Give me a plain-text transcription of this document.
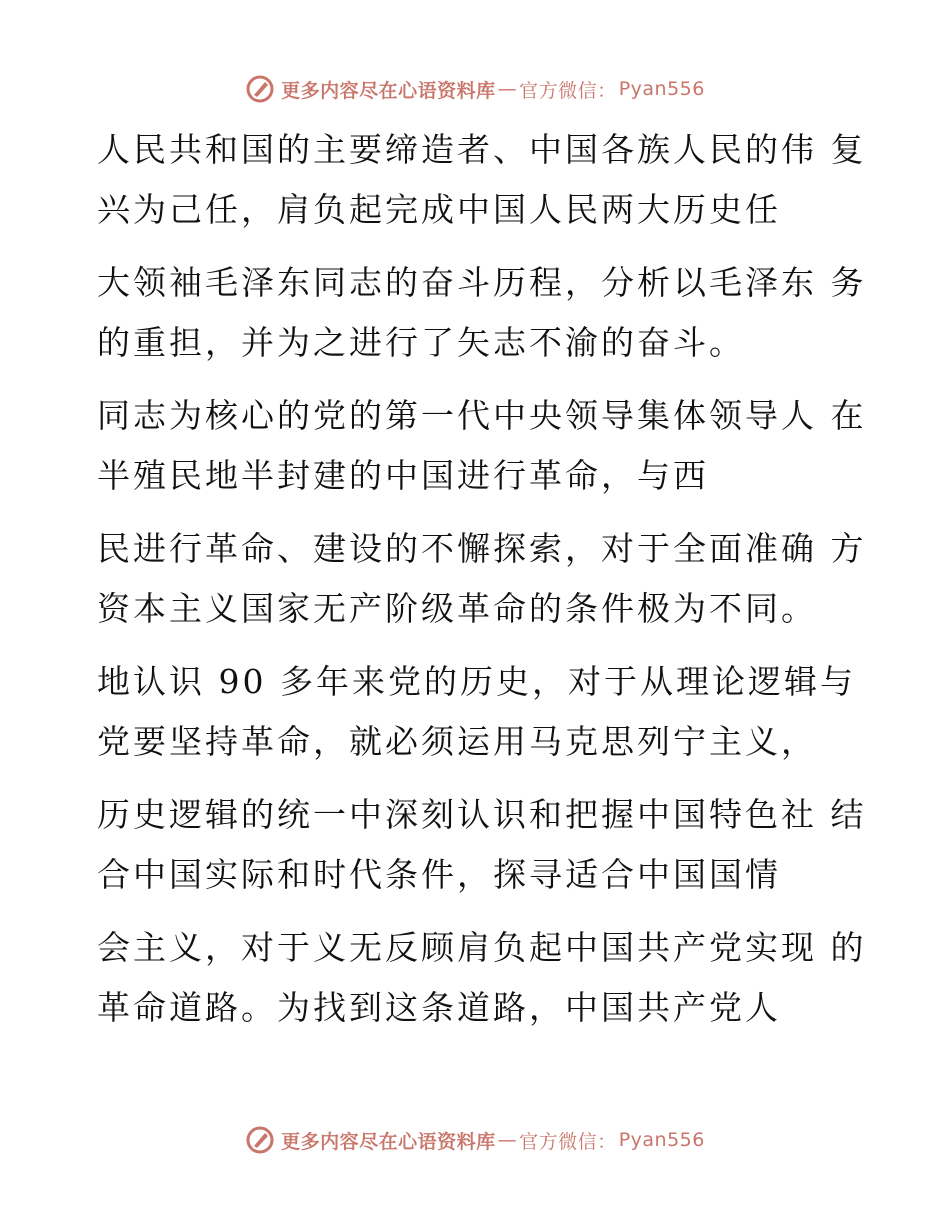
更多内容尽在心语资料库 — 官方微信： Pyan556
人民共和国的主要缔造者、中国各族人民的伟 复
兴为己任，肩负起完成中国人民两大历史任
大领袖毛泽东同志的奋斗历程，分析以毛泽东 务
的重担，并为之进行了矢志不渝的奋斗。
同志为核心的党的第一代中央领导集体领导人 在
半殖民地半封建的中国进行革命，与西
民进行革命、建设的不懈探索，对于全面准确 方
资本主义国家无产阶级革命的条件极为不同。
地认识 90 多年来党的历史，对于从理论逻辑与
党要坚持革命，就必须运用马克思列宁主义，
历史逻辑的统一中深刻认识和把握中国特色社 结
合中国实际和时代条件，探寻适合中国国情
会主义，对于义无反顾肩负起中国共产党实现 的
革命道路。为找到这条道路，中国共产党人
更多内容尽在心语资料库 — 官方微信： Pyan556
